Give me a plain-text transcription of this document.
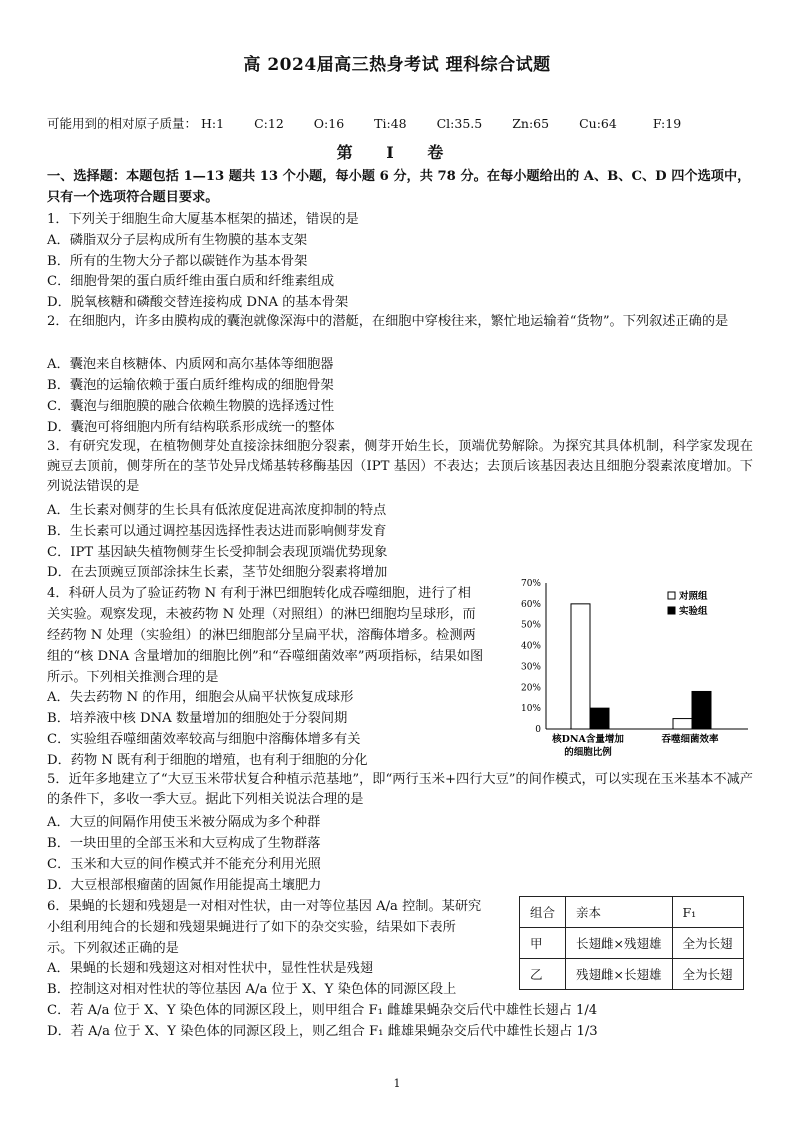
高 2024届高三热身考试 理科综合试题
可能用到的相对原子质量： H:1 C:12 O:16 Ti:48 Cl:35.5 Zn:65 Cu:64	F:19
第 Ⅰ 卷
一、选择题：本题包括 1—13 题共 13 个小题，每小题 6 分，共 78 分。在每小题给出的 A、B、C、D 四个选项中，只有一个选项符合题目要求。
1．下列关于细胞生命大厦基本框架的描述，错误的是
A．磷脂双分子层构成所有生物膜的基本支架
B．所有的生物大分子都以碳链作为基本骨架
C．细胞骨架的蛋白质纤维由蛋白质和纤维素组成
D．脱氧核糖和磷酸交替连接构成 DNA 的基本骨架
2．在细胞内，许多由膜构成的囊泡就像深海中的潜艇，在细胞中穿梭往来，繁忙地运输着“货物”。下列叙述正确的是
A．囊泡来自核糖体、内质网和高尔基体等细胞器
B．囊泡的运输依赖于蛋白质纤维构成的细胞骨架
C．囊泡与细胞膜的融合依赖生物膜的选择透过性
D．囊泡可将细胞内所有结构联系形成统一的整体
3．有研究发现，在植物侧芽处直接涂抹细胞分裂素，侧芽开始生长，顶端优势解除。为探究其具体机制，科学家发现在豌豆去顶前，侧芽所在的茎节处异戊烯基转移酶基因（IPT 基因）不表达；去顶后该基因表达且细胞分裂素浓度增加。下列说法错误的是
A．生长素对侧芽的生长具有低浓度促进高浓度抑制的特点
B．生长素可以通过调控基因选择性表达进而影响侧芽发育
C．IPT 基因缺失植物侧芽生长受抑制会表现顶端优势现象
D．在去顶豌豆顶部涂抹生长素，茎节处细胞分裂素将增加
4．科研人员为了验证药物 N 有利于淋巴细胞转化成吞噬细胞，进行了相
关实验。观察发现，未被药物 N 处理（对照组）的淋巴细胞均呈球形，而
经药物 N 处理（实验组）的淋巴细胞部分呈扁平状，溶酶体增多。检测两
组的“核 DNA 含量增加的细胞比例”和“吞噬细菌效率”两项指标，结果如图
所示。下列相关推测合理的是
A．失去药物 N 的作用，细胞会从扁平状恢复成球形
B．培养液中核 DNA 数量增加的细胞处于分裂间期
C．实验组吞噬细菌效率较高与细胞中溶酶体增多有关
D．药物 N 既有利于细胞的增殖，也有利于细胞的分化
0
10%
20%
30%
40%
50%
60%
70%
核DNA含量增加
的细胞比例
吞噬细菌效率
对照组
实验组
5．近年多地建立了“大豆玉米带状复合种植示范基地”，即“两行玉米+四行大豆”的间作模式，可以实现在玉米基本不减产的条件下，多收一季大豆。据此下列相关说法合理的是
A．大豆的间隔作用使玉米被分隔成为多个种群
B．一块田里的全部玉米和大豆构成了生物群落
C．玉米和大豆的间作模式并不能充分利用光照
D．大豆根部根瘤菌的固氮作用能提高土壤肥力
6．果蝇的长翅和残翅是一对相对性状，由一对等位基因 A/a 控制。某研究
小组利用纯合的长翅和残翅果蝇进行了如下的杂交实验，结果如下表所
示。下列叙述正确的是
A．果蝇的长翅和残翅这对相对性状中，显性性状是残翅
B．控制这对相对性状的等位基因 A/a 位于 X、Y 染色体的同源区段上
C．若 A/a 位于 X、Y 染色体的同源区段上，则甲组合 F₁ 雌雄果蝇杂交后代中雄性长翅占 1/4
D．若 A/a 位于 X、Y 染色体的同源区段上，则乙组合 F₁ 雌雄果蝇杂交后代中雄性长翅占 1/3
组合	亲本	F₁
甲	长翅雌×残翅雄	全为长翅
乙	残翅雌×长翅雄	全为长翅
1
